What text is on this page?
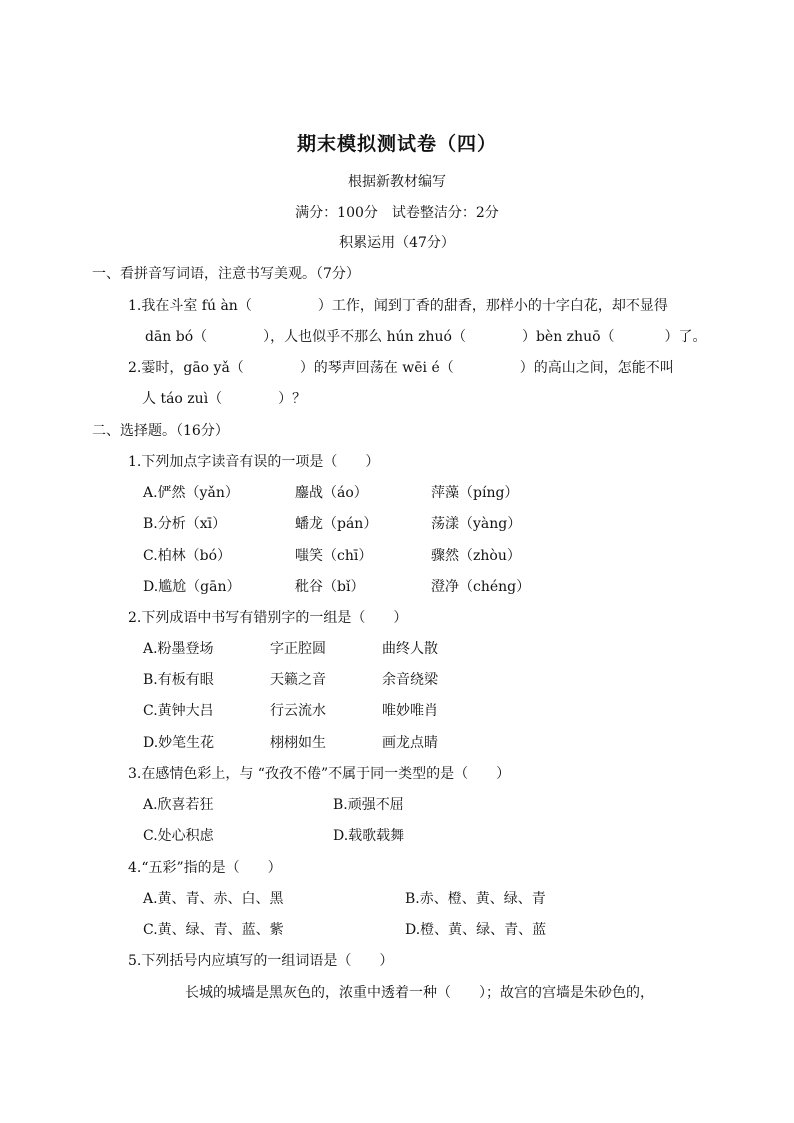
期末模拟测试卷（四）
根据新教材编写
满分：100分　试卷整洁分：2分
积累运用（47分）
一、看拼音写词语，注意书写美观。（7分）
1.我在斗室 fú àn（	）工作，闻到丁香的甜香，那样小的十字白花，却不显得
dān bó（	），人也似乎不那么 hún zhuó（	）bèn zhuō（	）了。
2.霎时，gāo yǎ（	）的琴声回荡在 wēi é（	）的高山之间，怎能不叫
人 táo zuì（	）？
二、选择题。（16分）
1.下列加点字读音有误的一项是（　　）
A.俨然（yǎn）	鏖战（áo）	萍藻（píng）
B.分析（xī）	蟠龙（pán）	荡漾（yàng）
C.柏林（bó）	嗤笑（chī）	骤然（zhòu）
D.尴尬（gān）	秕谷（bǐ）	澄净（chéng）
2.下列成语中书写有错别字的一组是（　　）
A.粉墨登场	字正腔圆	曲终人散
B.有板有眼	天籁之音	余音绕梁
C.黄钟大吕	行云流水	唯妙唯肖
D.妙笔生花	栩栩如生	画龙点睛
3.在感情色彩上，与 “孜孜不倦”不属于同一类型的是（　　）
A.欣喜若狂	B.顽强不屈
C.处心积虑	D.载歌载舞
4.“五彩”指的是（　　）
A.黄、青、赤、白、黑	B.赤、橙、黄、绿、青
C.黄、绿、青、蓝、紫	D.橙、黄、绿、青、蓝
5.下列括号内应填写的一组词语是（　　）
长城的城墙是黑灰色的，浓重中透着一种（　　）；故宫的宫墙是朱砂色的，
